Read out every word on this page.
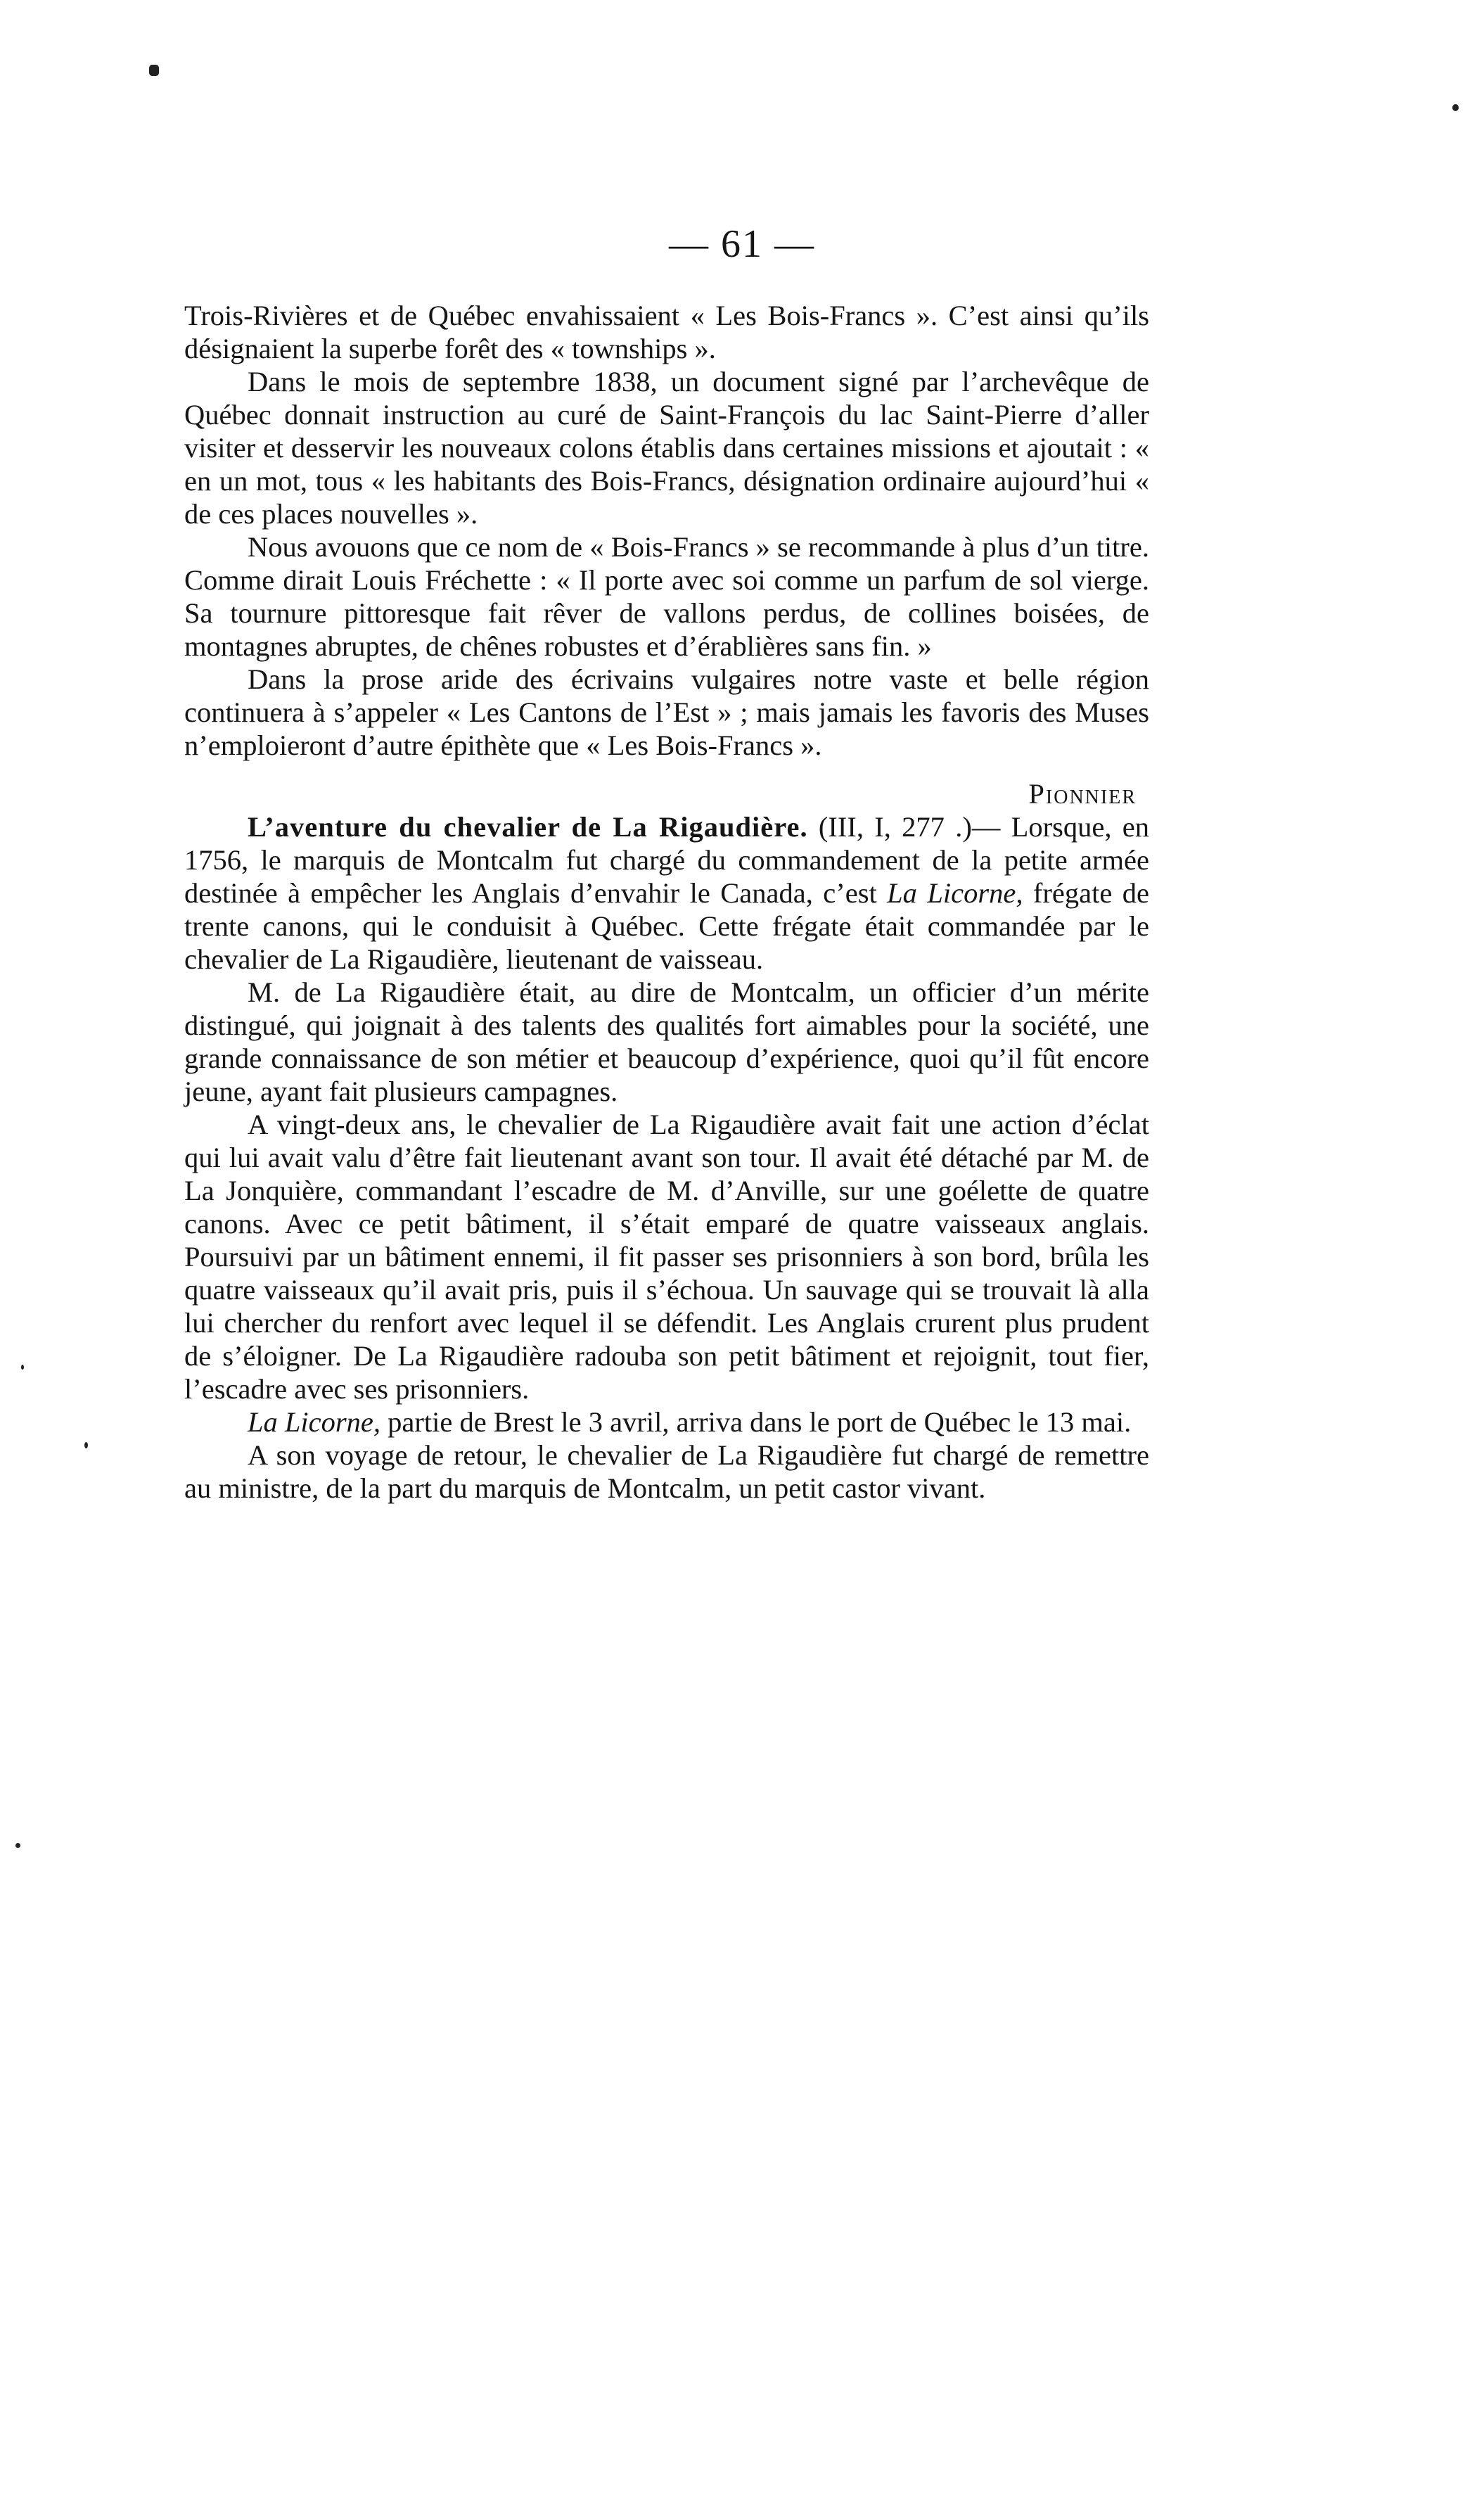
— 61 —

Trois-Rivières et de Québec envahissaient « Les Bois-Francs ». C’est ainsi qu’ils désignaient la superbe forêt des « townships ».

Dans le mois de septembre 1838, un document signé par l’archevêque de Québec donnait instruction au curé de Saint-François du lac Saint-Pierre d’aller visiter et desservir les nouveaux colons établis dans certaines missions et ajoutait : « en un mot, tous « les habitants des Bois-Francs, désignation ordinaire aujourd’hui « de ces places nouvelles ».

Nous avouons que ce nom de « Bois-Francs » se recommande à plus d’un titre. Comme dirait Louis Fréchette : « Il porte avec soi comme un parfum de sol vierge. Sa tournure pittoresque fait rêver de vallons perdus, de collines boisées, de montagnes abruptes, de chênes robustes et d’érablières sans fin. »

Dans la prose aride des écrivains vulgaires notre vaste et belle région continuera à s’appeler « Les Cantons de l’Est » ; mais jamais les favoris des Muses n’emploieront d’autre épithète que « Les Bois-Francs ».

Pionnier

L’aventure du chevalier de La Rigaudière. (III, I, 277 .)— Lorsque, en 1756, le marquis de Montcalm fut chargé du commandement de la petite armée destinée à empêcher les Anglais d’envahir le Canada, c’est La Licorne, frégate de trente canons, qui le conduisit à Québec. Cette frégate était commandée par le chevalier de La Rigaudière, lieutenant de vaisseau.

M. de La Rigaudière était, au dire de Montcalm, un officier d’un mérite distingué, qui joignait à des talents des qualités fort aimables pour la société, une grande connaissance de son métier et beaucoup d’expérience, quoi qu’il fût encore jeune, ayant fait plusieurs campagnes.

A vingt-deux ans, le chevalier de La Rigaudière avait fait une action d’éclat qui lui avait valu d’être fait lieutenant avant son tour. Il avait été détaché par M. de La Jonquière, commandant l’escadre de M. d’Anville, sur une goélette de quatre canons. Avec ce petit bâtiment, il s’était emparé de quatre vaisseaux anglais. Poursuivi par un bâtiment ennemi, il fit passer ses prisonniers à son bord, brûla les quatre vaisseaux qu’il avait pris, puis il s’échoua. Un sauvage qui se trouvait là alla lui chercher du renfort avec lequel il se défendit. Les Anglais crurent plus prudent de s’éloigner. De La Rigaudière radouba son petit bâtiment et rejoignit, tout fier, l’escadre avec ses prisonniers.

La Licorne, partie de Brest le 3 avril, arriva dans le port de Québec le 13 mai.

A son voyage de retour, le chevalier de La Rigaudière fut chargé de remettre au ministre, de la part du marquis de Montcalm, un petit castor vivant.
